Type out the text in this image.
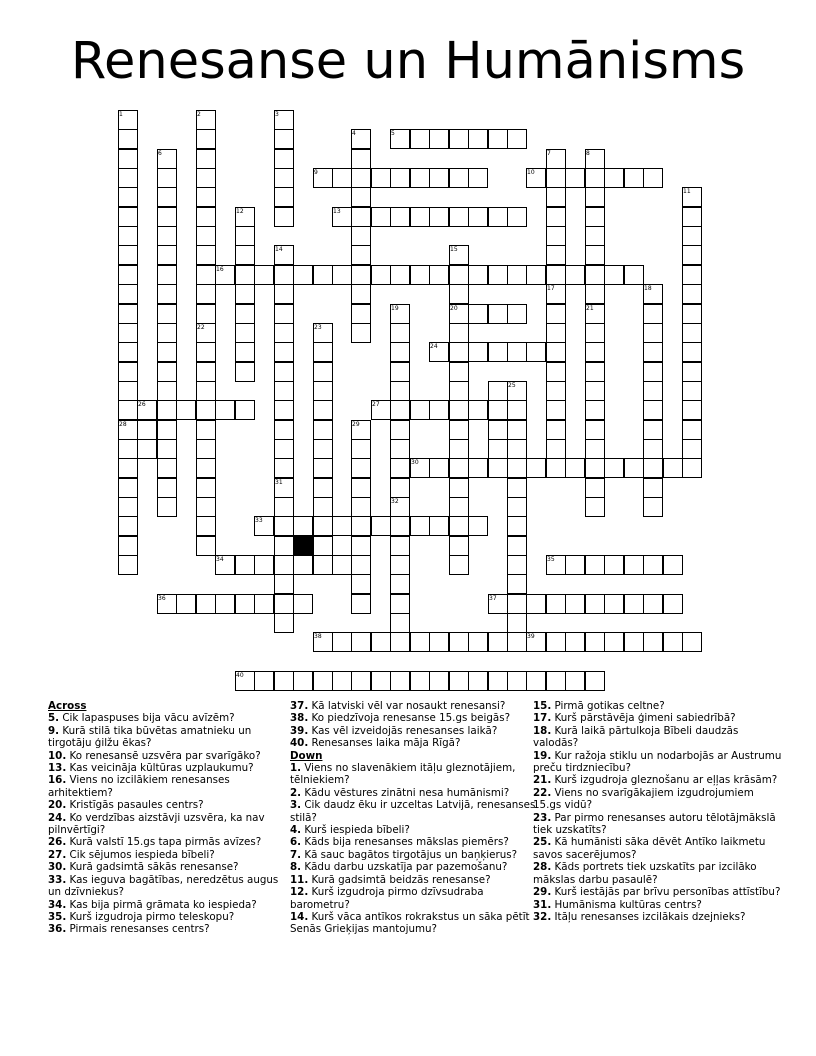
Renesanse un Humānisms
1	2	3
4	5
6	7	8
9	10
11
12	13
14	15
16
17	18
19	20	21
22	23
24
25
26	27
28	29
30
31
32
33
34	35
36	37
38	39
40
Across
5. Cik lapaspuses bija vācu avīzēm?
9. Kurā stilā tika būvētas amatnieku un tirgotāju ģilžu ēkas?
10. Ko renesansē uzsvēra par svarīgāko?
13. Kas veicināja kūltūras uzplaukumu?
16. Viens no izcilākiem renesanses arhitektiem?
20. Kristīgās pasaules centrs?
24. Ko verdzības aizstāvji uzsvēra, ka nav pilnvērtīgi?
26. Kurā valstī 15.gs tapa pirmās avīzes?
27. Cik sējumos iespieda bībeli?
30. Kurā gadsimtā sākās renesanse?
33. Kas ieguva bagātības, neredzētus augus un dzīvniekus?
34. Kas bija pirmā grāmata ko iespieda?
35. Kurš izgudroja pirmo teleskopu?
36. Pirmais renesanses centrs?
37. Kā latviski vēl var nosaukt renesansi?
38. Ko piedzīvoja renesanse 15.gs beigās?
39. Kas vēl izveidojās renesanses laikā?
40. Renesanses laika māja Rīgā?
Down
1. Viens no slavenākiem itāļu gleznotājiem, tēlniekiem?
2. Kādu vēstures zinātni nesa humānismi?
3. Cik daudz ēku ir uzceltas Latvijā, renesanses stilā?
4. Kurš iespieda bībeli?
6. Kāds bija renesanses mākslas piemērs?
7. Kā sauc bagātos tirgotājus un baņķierus?
8. Kādu darbu uzskatīja par pazemošanu?
11. Kurā gadsimtā beidzās renesanse?
12. Kurš izgudroja pirmo dzīvsudraba barometru?
14. Kurš vāca antīkos rokrakstus un sāka pētīt Senās Grieķijas mantojumu?
15. Pirmā gotikas celtne?
17. Kurš pārstāvēja ģimeni sabiedrībā?
18. Kurā laikā pārtulkoja Bībeli daudzās valodās?
19. Kur ražoja stiklu un nodarbojās ar Austrumu preču tirdzniecību?
21. Kurš izgudroja gleznošanu ar eļļas krāsām?
22. Viens no svarīgākajiem izgudrojumiem 15.gs vidū?
23. Par pirmo renesanses autoru tēlotājmākslā tiek uzskatīts?
25. Kā humānisti sāka dēvēt Antīko laikmetu savos sacerējumos?
28. Kāds portrets tiek uzskatīts par izcilāko mākslas darbu pasaulē?
29. Kurš iestājās par brīvu personības attīstību?
31. Humānisma kultūras centrs?
32. Itāļu renesanses izcilākais dzejnieks?
